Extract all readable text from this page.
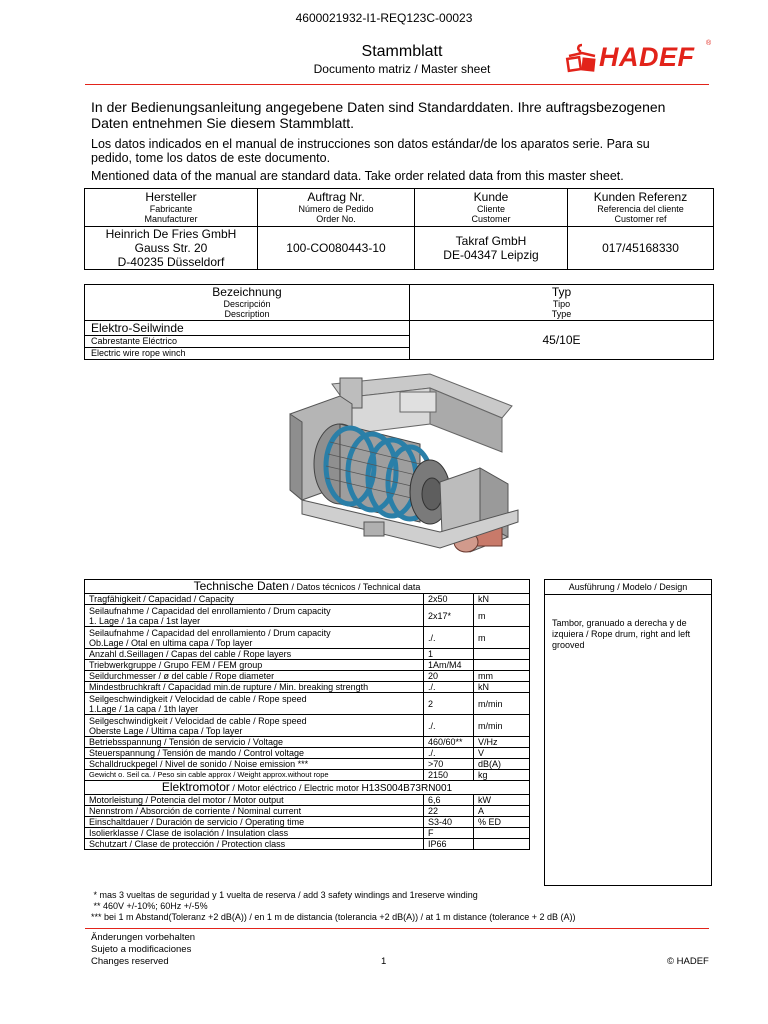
4600021932-I1-REQ123C-00023
Stammblatt
Documento matriz / Master sheet	HADEF ®
In der Bedienungsanleitung angegebene Daten sind Standarddaten. Ihre auftragsbezogenen Daten entnehmen Sie diesem Stammblatt.
Los datos indicados en el manual de instrucciones son datos estándar/de los aparatos serie. Para su pedido, tome los datos de este documento.
Mentioned data of the manual are standard data. Take order related data from this master sheet.
Hersteller
Fabricante
Manufacturer	Auftrag Nr.
Número de Pedido
Order No.	Kunde
Cliente
Customer	Kunden Referenz
Referencia del cliente
Customer ref

Heinrich De Fries GmbH
Gauss Str. 20
D-40235 Düsseldorf	100-CO080443-10	Takraf GmbH
DE-04347 Leipzig	017/45168330
Bezeichnung
Descripción
Description	Typ
Tipo
Type

Elektro-Seilwinde
Cabrestante Eléctrico
Electric wire rope winch	45/10E
Technische Daten / Datos técnicos / Technical data		

Tragfähigkeit / Capacidad / Capacity	2x50	kN

Seilaufnahme / Capacidad del enrollamiento / Drum capacity
1. Lage / 1a capa / 1st layer	2x17*	m

Seilaufnahme / Capacidad del enrollamiento / Drum capacity
Ob.Lage / Otal en ultima capa / Top layer	./.	m

Anzahl d.Seillagen / Capas del cable / Rope layers	1	

Triebwerkgruppe / Grupo FEM / FEM group	1Am/M4	

Seildurchmesser / ø del cable / Rope diameter	20	mm

Mindestbruchkraft / Capacidad min.de rupture / Min. breaking strength	./.	kN

Seilgeschwindigkeit / Velocidad de cable / Rope speed
1.Lage / 1a capa / 1th layer	2	m/min

Seilgeschwindigkeit / Velocidad de cable / Rope speed
Oberste Lage / Ultima capa / Top layer	./.	m/min

Betriebsspannung / Tensión de servicio / Voltage	460/60**	V/Hz

Steuerspannung / Tensión de mando / Control voltage	./.	V

Schalldruckpegel / Nivel de sonido / Noise emission ***	>70	dB(A)

Gewicht o. Seil ca. / Peso sin cable approx / Weight approx.without rope	2150	kg
Elektromotor / Motor eléctrico / Electric motor H13S004B73RN001		
Motorleistung / Potencia del motor / Motor output	6,6	kW
Nennstrom / Absorción de corriente / Nominal current	22	A
Einschaltdauer / Duración de servicio / Operating time	S3-40	% ED
Isolierklasse / Clase de isolación / Insulation class	F	
Schutzart / Clase de protección / Protection class	IP66	
Ausführung / Modelo / Design
Tambor, granuado a derecha y de izquiera / Rope drum, right and left grooved
* mas 3 vueltas de seguridad y 1 vuelta de reserva / add 3 safety windings and 1reserve winding
** 460V +/-10%; 60Hz +/-5%
*** bei 1 m Abstand(Toleranz +2 dB(A)) / en 1 m de distancia (tolerancia +2 dB(A)) / at 1 m distance (tolerance + 2 dB (A))
Änderungen vorbehalten
Sujeto a modificaciones
Changes reserved	1	© HADEF
